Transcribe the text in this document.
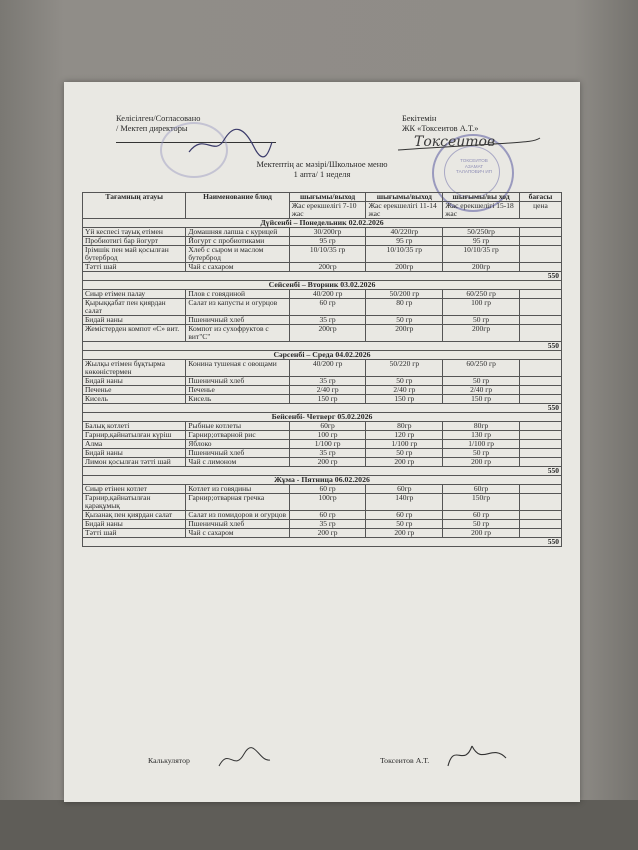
Келісілген/Согласовано
/ Мектеп директоры
Бекітемін
ЖК «Токсеитов А.Т.»
ТОКСЕИТОВ АЗАМАТ ТАЛАПОВИЧ ИП
Токсеитов
Мектептің ас мәзірі/Школьное меню
1 апта/ 1 неделя
Тағамның атауы	Наименование блюд	шығымы/выход	шығымы/выход	шығымы/вы ход	бағасы
		Жас ерекшелігі 7-10 жас	Жас ерекшелігі 11-14 жас	Жас ерекшелігі 15-18 жас	цена
Дүйсенбі – Понедельник 02.02.2026					
Үй кеспесі тауық етімен	Домашняя лапша с курицей	30/200гр	40/220гр	50/250гр	
Пробиотигі бар йогурт	Йогурт с пробиотиками	95 гр	95 гр	95 гр	
Ірімшік пен май қосылған бутерброд	Хлеб с сыром и маслом бутерброд	10/10/35 гр	10/10/35 гр	10/10/35 гр	
Тәтті шай	Чай с сахаром	200гр	200гр	200гр	
550					
Сейсенбі – Вторник 03.02.2026					
Сиыр етімен палау	Плов с говядиной	40/200 гр	50/200 гр	60/250 гр	
Қырыққабат пен қиярдан салат	Салат из капусты и огурцов	60 гр	80 гр	100 гр	
Бидай наны	Пшеничный хлеб	35 гр	50 гр	50 гр	
Жемістерден компот «С» вит.	Компот из сухофруктов с вит"С"	200гр	200гр	200гр	
550					
Сәрсенбі – Среда 04.02.2026					
Жылқы етімен бұқтырма көкөністермен	Конина тушеная с овощами	40/200 гр	50/220 гр	60/250 гр	
Бидай наны	Пшеничный хлеб	35 гр	50 гр	50 гр	
Печенье	Печенье	2/40 гр	2/40 гр	2/40 гр	
Кисель	Кисель	150 гр	150 гр	150 гр	
550					
Бейсенбі- Четверг 05.02.2026					
Балық котлеті	Рыбные котлеты	60гр	80гр	80гр	
Гарнир,қайнатылған күріш	Гарнир;отварной рис	100 гр	120 гр	130 гр	
Алма	Яблоко	1/100 гр	1/100 гр	1/100 гр	
Бидай наны	Пшеничный хлеб	35 гр	50 гр	50 гр	
Лимон қосылған тәтті шай	Чай с лимоном	200 гр	200 гр	200 гр	
550					
Жұма - Пятница 06.02.2026					
Сиыр етінен котлет	Котлет из говядины	60 гр	60гр	60гр	
Гарнир,қайнатылған қарақұмық	Гарнир;отварная гречка	100гр	140гр	150гр	
Қызанақ пен қиярдан салат	Салат из помидоров и огурцов	60 гр	60 гр	60 гр	
Бидай наны	Пшеничный хлеб	35 гр	50 гр	50 гр	
Тәтті шай	Чай с сахаром	200 гр	200 гр	200 гр	
550					
Калькулятор	Токсеитов А.Т.
